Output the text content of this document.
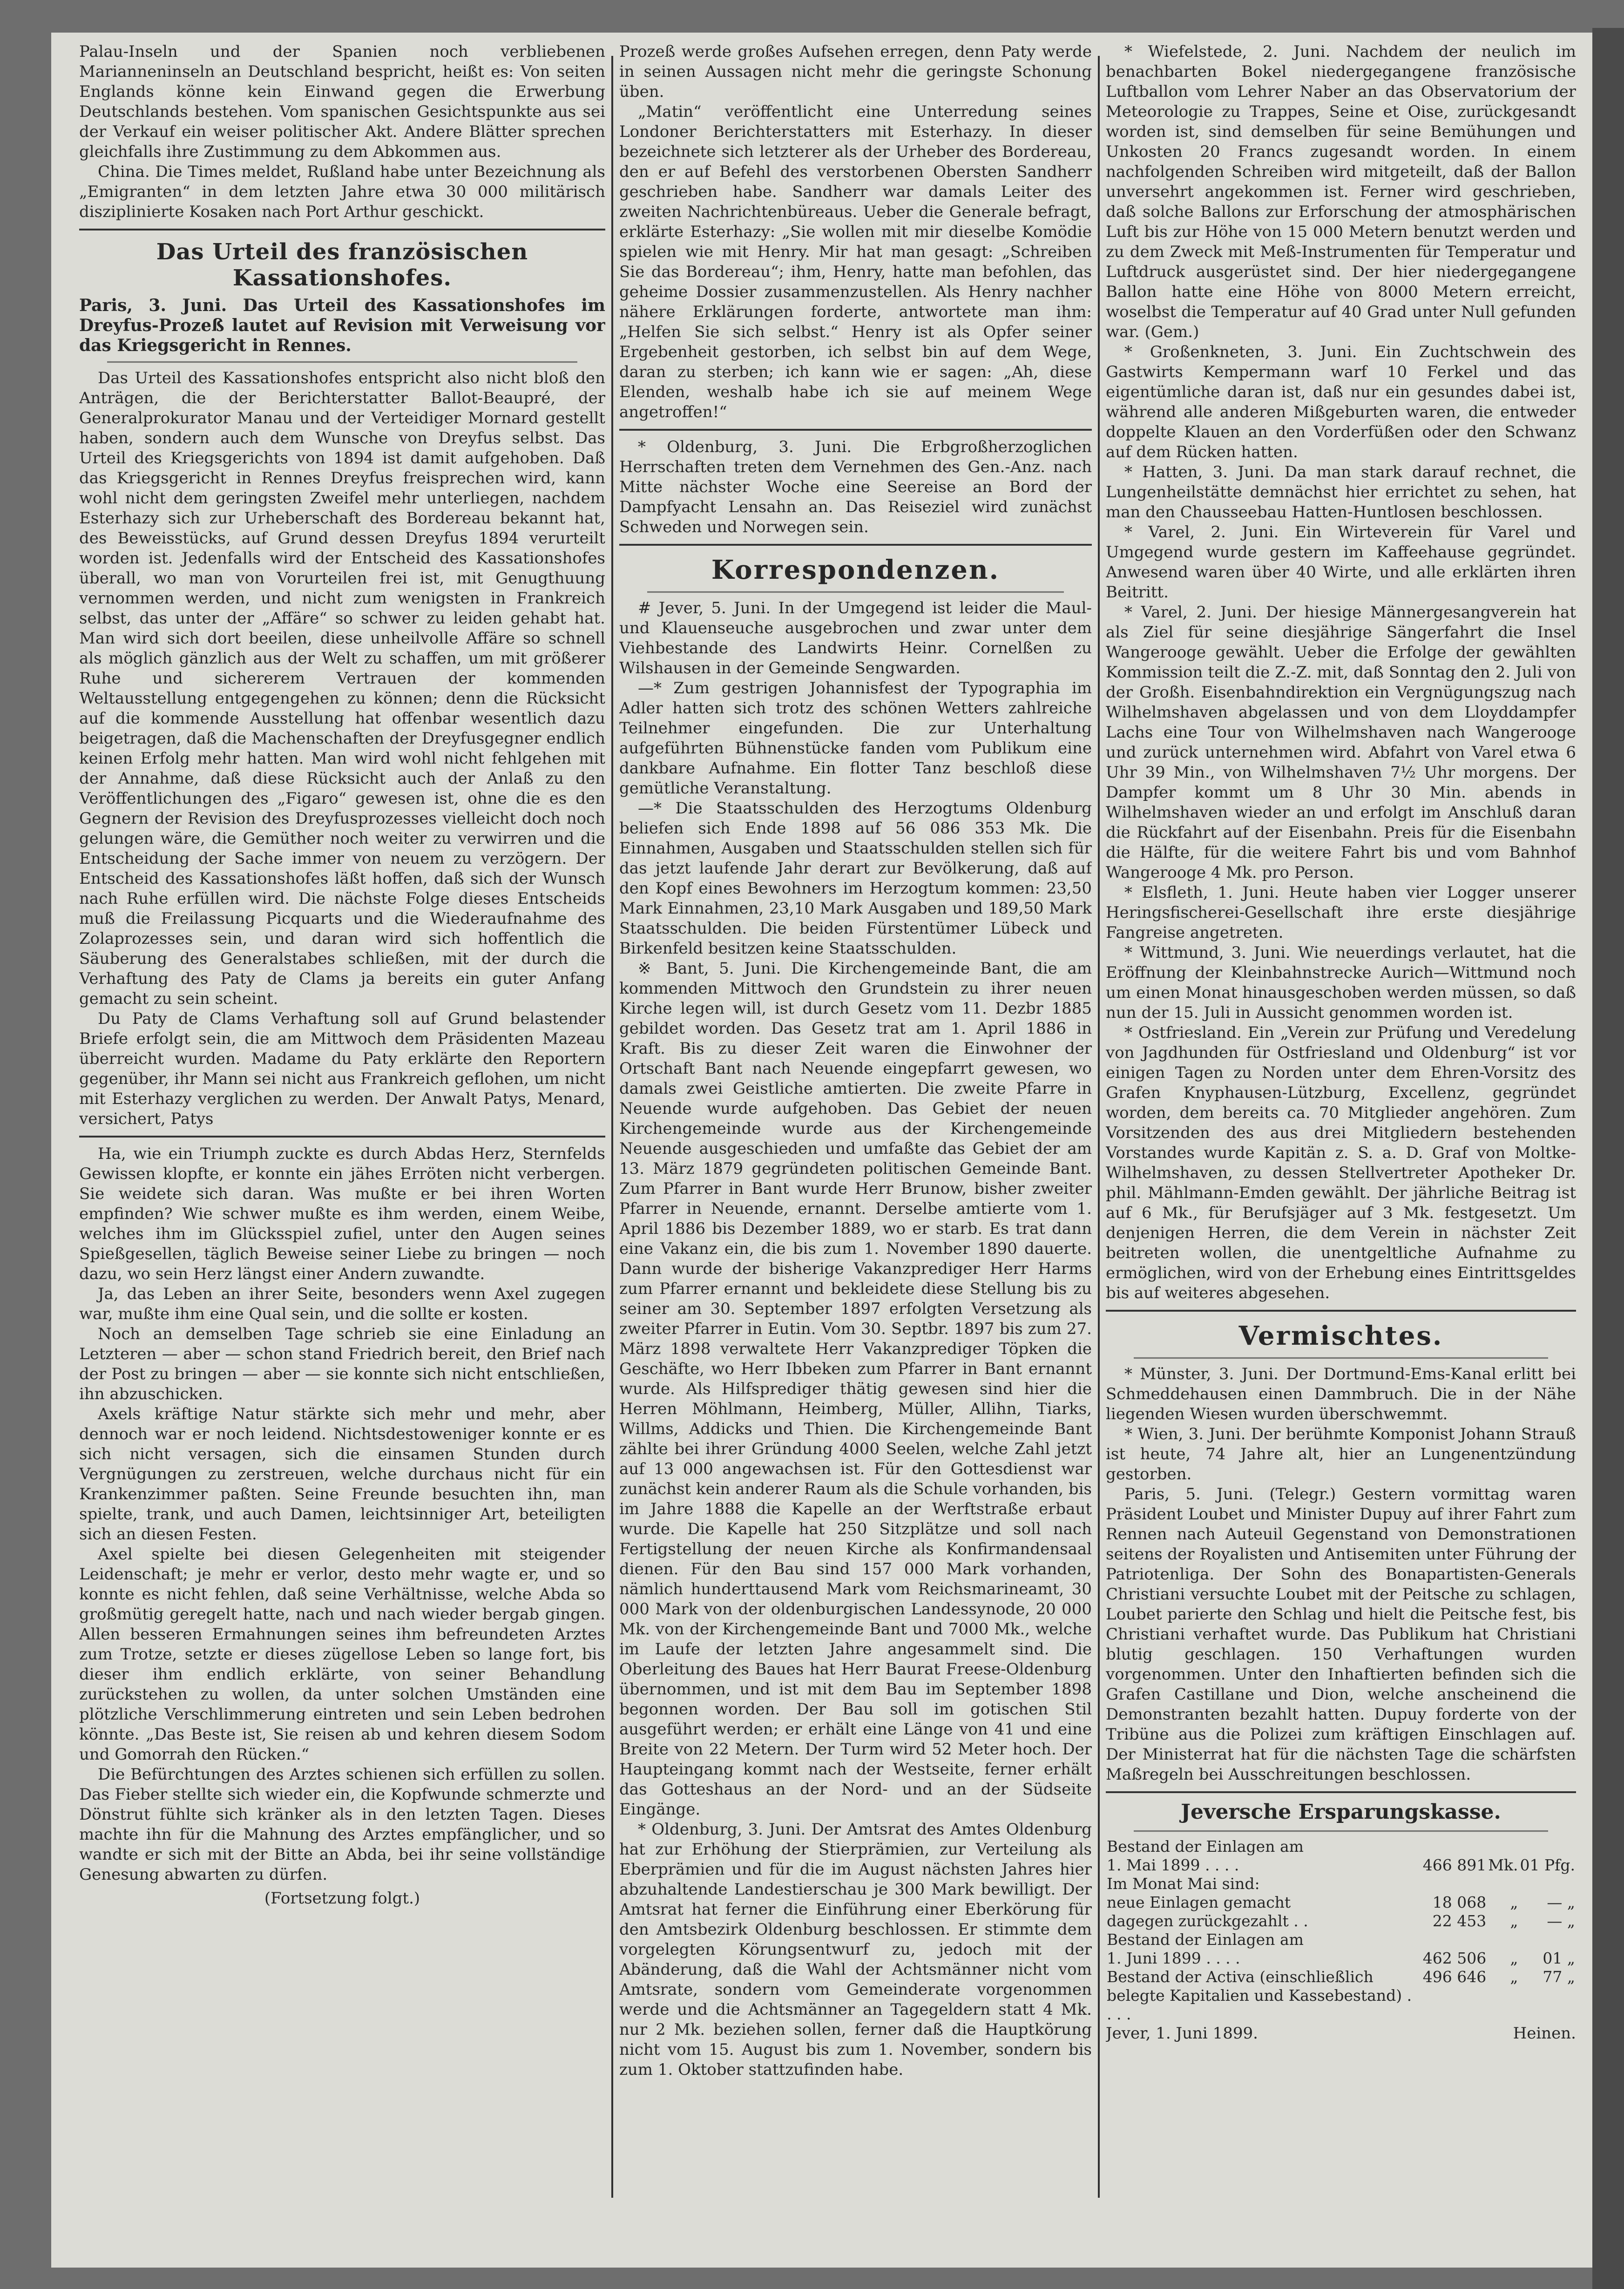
Palau-Inseln und der Spanien noch verbliebenen Marianneninseln an Deutschland bespricht, heißt es: Von seiten Englands könne kein Einwand gegen die Erwerbung Deutschlands bestehen. Vom spanischen Gesichtspunkte aus sei der Verkauf ein weiser politischer Akt. Andere Blätter sprechen gleichfalls ihre Zustimmung zu dem Abkommen aus.

China. Die Times meldet, Rußland habe unter Bezeichnung als „Emigranten“ in dem letzten Jahre etwa 30 000 militärisch disziplinierte Kosaken nach Port Arthur geschickt.

Das Urteil des französischen Kassationshofes.
Paris, 3. Juni. Das Urteil des Kassationshofes im Dreyfus-Prozeß lautet auf Revision mit Verweisung vor das Kriegsgericht in Rennes.

Das Urteil des Kassationshofes entspricht also nicht bloß den Anträgen, die der Berichterstatter Ballot-Beaupré, der Generalprokurator Manau und der Verteidiger Mornard gestellt haben, sondern auch dem Wunsche von Dreyfus selbst. Das Urteil des Kriegsgerichts von 1894 ist damit aufgehoben. Daß das Kriegsgericht in Rennes Dreyfus freisprechen wird, kann wohl nicht dem geringsten Zweifel mehr unterliegen, nachdem Esterhazy sich zur Urheberschaft des Bordereau bekannt hat, des Beweisstücks, auf Grund dessen Dreyfus 1894 verurteilt worden ist. Jedenfalls wird der Entscheid des Kassationshofes überall, wo man von Vorurteilen frei ist, mit Genugthuung vernommen werden, und nicht zum wenigsten in Frankreich selbst, das unter der „Affäre“ so schwer zu leiden gehabt hat. Man wird sich dort beeilen, diese unheilvolle Affäre so schnell als möglich gänzlich aus der Welt zu schaffen, um mit größerer Ruhe und sichererem Vertrauen der kommenden Weltausstellung entgegengehen zu können; denn die Rücksicht auf die kommende Ausstellung hat offenbar wesentlich dazu beigetragen, daß die Machenschaften der Dreyfusgegner endlich keinen Erfolg mehr hatten. Man wird wohl nicht fehlgehen mit der Annahme, daß diese Rücksicht auch der Anlaß zu den Veröffentlichungen des „Figaro“ gewesen ist, ohne die es den Gegnern der Revision des Dreyfusprozesses vielleicht doch noch gelungen wäre, die Gemüther noch weiter zu verwirren und die Entscheidung der Sache immer von neuem zu verzögern. Der Entscheid des Kassationshofes läßt hoffen, daß sich der Wunsch nach Ruhe erfüllen wird. Die nächste Folge dieses Entscheids muß die Freilassung Picquarts und die Wiederaufnahme des Zolaprozesses sein, und daran wird sich hoffentlich die Säuberung des Generalstabes schließen, mit der durch die Verhaftung des Paty de Clams ja bereits ein guter Anfang gemacht zu sein scheint.

Du Paty de Clams Verhaftung soll auf Grund belastender Briefe erfolgt sein, die am Mittwoch dem Präsidenten Mazeau überreicht wurden. Madame du Paty erklärte den Reportern gegenüber, ihr Mann sei nicht aus Frankreich geflohen, um nicht mit Esterhazy verglichen zu werden. Der Anwalt Patys, Menard, versichert, Patys

Ha, wie ein Triumph zuckte es durch Abdas Herz, Sternfelds Gewissen klopfte, er konnte ein jähes Erröten nicht verbergen. Sie weidete sich daran. Was mußte er bei ihren Worten empfinden? Wie schwer mußte es ihm werden, einem Weibe, welches ihm im Glücksspiel zufiel, unter den Augen seines Spießgesellen, täglich Beweise seiner Liebe zu bringen — noch dazu, wo sein Herz längst einer Andern zuwandte.

Ja, das Leben an ihrer Seite, besonders wenn Axel zugegen war, mußte ihm eine Qual sein, und die sollte er kosten.

Noch an demselben Tage schrieb sie eine Einladung an Letzteren — aber — schon stand Friedrich bereit, den Brief nach der Post zu bringen — aber — sie konnte sich nicht entschließen, ihn abzuschicken.

Axels kräftige Natur stärkte sich mehr und mehr, aber dennoch war er noch leidend. Nichtsdestoweniger konnte er es sich nicht versagen, sich die einsamen Stunden durch Vergnügungen zu zerstreuen, welche durchaus nicht für ein Krankenzimmer paßten. Seine Freunde besuchten ihn, man spielte, trank, und auch Damen, leichtsinniger Art, beteiligten sich an diesen Festen.

Axel spielte bei diesen Gelegenheiten mit steigender Leidenschaft; je mehr er verlor, desto mehr wagte er, und so konnte es nicht fehlen, daß seine Verhältnisse, welche Abda so großmütig geregelt hatte, nach und nach wieder bergab gingen. Allen besseren Ermahnungen seines ihm befreundeten Arztes zum Trotze, setzte er dieses zügellose Leben so lange fort, bis dieser ihm endlich erklärte, von seiner Behandlung zurückstehen zu wollen, da unter solchen Umständen eine plötzliche Verschlimmerung eintreten und sein Leben bedrohen könnte. „Das Beste ist, Sie reisen ab und kehren diesem Sodom und Gomorrah den Rücken.“

Die Befürchtungen des Arztes schienen sich erfüllen zu sollen. Das Fieber stellte sich wieder ein, die Kopfwunde schmerzte und Dönstrut fühlte sich kränker als in den letzten Tagen. Dieses machte ihn für die Mahnung des Arztes empfänglicher, und so wandte er sich mit der Bitte an Abda, bei ihr seine vollständige Genesung abwarten zu dürfen.

(Fortsetzung folgt.)

Prozeß werde großes Aufsehen erregen, denn Paty werde in seinen Aussagen nicht mehr die geringste Schonung üben.

„Matin“ veröffentlicht eine Unterredung seines Londoner Berichterstatters mit Esterhazy. In dieser bezeichnete sich letzterer als der Urheber des Bordereau, den er auf Befehl des verstorbenen Obersten Sandherr geschrieben habe. Sandherr war damals Leiter des zweiten Nachrichtenbüreaus. Ueber die Generale befragt, erklärte Esterhazy: „Sie wollen mit mir dieselbe Komödie spielen wie mit Henry. Mir hat man gesagt: „Schreiben Sie das Bordereau“; ihm, Henry, hatte man befohlen, das geheime Dossier zusammenzustellen. Als Henry nachher nähere Erklärungen forderte, antwortete man ihm: „Helfen Sie sich selbst.“ Henry ist als Opfer seiner Ergebenheit gestorben, ich selbst bin auf dem Wege, daran zu sterben; ich kann wie er sagen: „Ah, diese Elenden, weshalb habe ich sie auf meinem Wege angetroffen!“

* Oldenburg, 3. Juni. Die Erbgroßherzoglichen Herrschaften treten dem Vernehmen des Gen.-Anz. nach Mitte nächster Woche eine Seereise an Bord der Dampfyacht Lensahn an. Das Reiseziel wird zunächst Schweden und Norwegen sein.

Korrespondenzen.

# Jever, 5. Juni. In der Umgegend ist leider die Maul- und Klauenseuche ausgebrochen und zwar unter dem Viehbestande des Landwirts Heinr. Cornelßen zu Wilshausen in der Gemeinde Sengwarden.

—* Zum gestrigen Johannisfest der Typographia im Adler hatten sich trotz des schönen Wetters zahlreiche Teilnehmer eingefunden. Die zur Unterhaltung aufgeführten Bühnenstücke fanden vom Publikum eine dankbare Aufnahme. Ein flotter Tanz beschloß diese gemütliche Veranstaltung.

—* Die Staatsschulden des Herzogtums Oldenburg beliefen sich Ende 1898 auf 56 086 353 Mk. Die Einnahmen, Ausgaben und Staatsschulden stellen sich für das jetzt laufende Jahr derart zur Bevölkerung, daß auf den Kopf eines Bewohners im Herzogtum kommen: 23,50 Mark Einnahmen, 23,10 Mark Ausgaben und 189,50 Mark Staatsschulden. Die beiden Fürstentümer Lübeck und Birkenfeld besitzen keine Staatsschulden.

※ Bant, 5. Juni. Die Kirchengemeinde Bant, die am kommenden Mittwoch den Grundstein zu ihrer neuen Kirche legen will, ist durch Gesetz vom 11. Dezbr 1885 gebildet worden. Das Gesetz trat am 1. April 1886 in Kraft. Bis zu dieser Zeit waren die Einwohner der Ortschaft Bant nach Neuende eingepfarrt gewesen, wo damals zwei Geistliche amtierten. Die zweite Pfarre in Neuende wurde aufgehoben. Das Gebiet der neuen Kirchengemeinde wurde aus der Kirchengemeinde Neuende ausgeschieden und umfaßte das Gebiet der am 13. März 1879 gegründeten politischen Gemeinde Bant. Zum Pfarrer in Bant wurde Herr Brunow, bisher zweiter Pfarrer in Neuende, ernannt. Derselbe amtierte vom 1. April 1886 bis Dezember 1889, wo er starb. Es trat dann eine Vakanz ein, die bis zum 1. November 1890 dauerte. Dann wurde der bisherige Vakanzprediger Herr Harms zum Pfarrer ernannt und bekleidete diese Stellung bis zu seiner am 30. September 1897 erfolgten Versetzung als zweiter Pfarrer in Eutin. Vom 30. Septbr. 1897 bis zum 27. März 1898 verwaltete Herr Vakanzprediger Töpken die Geschäfte, wo Herr Ibbeken zum Pfarrer in Bant ernannt wurde. Als Hilfsprediger thätig gewesen sind hier die Herren Möhlmann, Heimberg, Müller, Allihn, Tiarks, Willms, Addicks und Thien. Die Kirchengemeinde Bant zählte bei ihrer Gründung 4000 Seelen, welche Zahl jetzt auf 13 000 angewachsen ist. Für den Gottesdienst war zunächst kein anderer Raum als die Schule vorhanden, bis im Jahre 1888 die Kapelle an der Werftstraße erbaut wurde. Die Kapelle hat 250 Sitzplätze und soll nach Fertigstellung der neuen Kirche als Konfirmandensaal dienen. Für den Bau sind 157 000 Mark vorhanden, nämlich hunderttausend Mark vom Reichsmarineamt, 30 000 Mark von der oldenburgischen Landessynode, 20 000 Mk. von der Kirchengemeinde Bant und 7000 Mk., welche im Laufe der letzten Jahre angesammelt sind. Die Oberleitung des Baues hat Herr Baurat Freese-Oldenburg übernommen, und ist mit dem Bau im September 1898 begonnen worden. Der Bau soll im gotischen Stil ausgeführt werden; er erhält eine Länge von 41 und eine Breite von 22 Metern. Der Turm wird 52 Meter hoch. Der Haupteingang kommt nach der Westseite, ferner erhält das Gotteshaus an der Nord- und an der Südseite Eingänge.

* Oldenburg, 3. Juni. Der Amtsrat des Amtes Oldenburg hat zur Erhöhung der Stierprämien, zur Verteilung als Eberprämien und für die im August nächsten Jahres hier abzuhaltende Landestierschau je 300 Mark bewilligt. Der Amtsrat hat ferner die Einführung einer Eberkörung für den Amtsbezirk Oldenburg beschlossen. Er stimmte dem vorgelegten Körungsentwurf zu, jedoch mit der Abänderung, daß die Wahl der Achtsmänner nicht vom Amtsrate, sondern vom Gemeinderate vorgenommen werde und die Achtsmänner an Tagegeldern statt 4 Mk. nur 2 Mk. beziehen sollen, ferner daß die Hauptkörung nicht vom 15. August bis zum 1. November, sondern bis zum 1. Oktober stattzufinden habe.

* Wiefelstede, 2. Juni. Nachdem der neulich im benachbarten Bokel niedergegangene französische Luftballon vom Lehrer Naber an das Observatorium der Meteorologie zu Trappes, Seine et Oise, zurückgesandt worden ist, sind demselben für seine Bemühungen und Unkosten 20 Francs zugesandt worden. In einem nachfolgenden Schreiben wird mitgeteilt, daß der Ballon unversehrt angekommen ist. Ferner wird geschrieben, daß solche Ballons zur Erforschung der atmosphärischen Luft bis zur Höhe von 15 000 Metern benutzt werden und zu dem Zweck mit Meß-Instrumenten für Temperatur und Luftdruck ausgerüstet sind. Der hier niedergegangene Ballon hatte eine Höhe von 8000 Metern erreicht, woselbst die Temperatur auf 40 Grad unter Null gefunden war. (Gem.)

* Großenkneten, 3. Juni. Ein Zuchtschwein des Gastwirts Kempermann warf 10 Ferkel und das eigentümliche daran ist, daß nur ein gesundes dabei ist, während alle anderen Mißgeburten waren, die entweder doppelte Klauen an den Vorderfüßen oder den Schwanz auf dem Rücken hatten.

* Hatten, 3. Juni. Da man stark darauf rechnet, die Lungenheilstätte demnächst hier errichtet zu sehen, hat man den Chausseebau Hatten-Huntlosen beschlossen.

* Varel, 2. Juni. Ein Wirteverein für Varel und Umgegend wurde gestern im Kaffeehause gegründet. Anwesend waren über 40 Wirte, und alle erklärten ihren Beitritt.

* Varel, 2. Juni. Der hiesige Männergesangverein hat als Ziel für seine diesjährige Sängerfahrt die Insel Wangerooge gewählt. Ueber die Erfolge der gewählten Kommission teilt die Z.-Z. mit, daß Sonntag den 2. Juli von der Großh. Eisenbahndirektion ein Vergnügungszug nach Wilhelmshaven abgelassen und von dem Lloyddampfer Lachs eine Tour von Wilhelmshaven nach Wangerooge und zurück unternehmen wird. Abfahrt von Varel etwa 6 Uhr 39 Min., von Wilhelmshaven 7½ Uhr morgens. Der Dampfer kommt um 8 Uhr 30 Min. abends in Wilhelmshaven wieder an und erfolgt im Anschluß daran die Rückfahrt auf der Eisenbahn. Preis für die Eisenbahn die Hälfte, für die weitere Fahrt bis und vom Bahnhof Wangerooge 4 Mk. pro Person.

* Elsfleth, 1. Juni. Heute haben vier Logger unserer Heringsfischerei-Gesellschaft ihre erste diesjährige Fangreise angetreten.

* Wittmund, 3. Juni. Wie neuerdings verlautet, hat die Eröffnung der Kleinbahnstrecke Aurich—Wittmund noch um einen Monat hinausgeschoben werden müssen, so daß nun der 15. Juli in Aussicht genommen worden ist.

* Ostfriesland. Ein „Verein zur Prüfung und Veredelung von Jagdhunden für Ostfriesland und Oldenburg“ ist vor einigen Tagen zu Norden unter dem Ehren-Vorsitz des Grafen Knyphausen-Lützburg, Excellenz, gegründet worden, dem bereits ca. 70 Mitglieder angehören. Zum Vorsitzenden des aus drei Mitgliedern bestehenden Vorstandes wurde Kapitän z. S. a. D. Graf von Moltke-Wilhelmshaven, zu dessen Stellvertreter Apotheker Dr. phil. Mählmann-Emden gewählt. Der jährliche Beitrag ist auf 6 Mk., für Berufsjäger auf 3 Mk. festgesetzt. Um denjenigen Herren, die dem Verein in nächster Zeit beitreten wollen, die unentgeltliche Aufnahme zu ermöglichen, wird von der Erhebung eines Eintrittsgeldes bis auf weiteres abgesehen.

Vermischtes.

* Münster, 3. Juni. Der Dortmund-Ems-Kanal erlitt bei Schmeddehausen einen Dammbruch. Die in der Nähe liegenden Wiesen wurden überschwemmt.

* Wien, 3. Juni. Der berühmte Komponist Johann Strauß ist heute, 74 Jahre alt, hier an Lungenentzündung gestorben.

Paris, 5. Juni. (Telegr.) Gestern vormittag waren Präsident Loubet und Minister Dupuy auf ihrer Fahrt zum Rennen nach Auteuil Gegenstand von Demonstrationen seitens der Royalisten und Antisemiten unter Führung der Patriotenliga. Der Sohn des Bonapartisten-Generals Christiani versuchte Loubet mit der Peitsche zu schlagen, Loubet parierte den Schlag und hielt die Peitsche fest, bis Christiani verhaftet wurde. Das Publikum hat Christiani blutig geschlagen. 150 Verhaftungen wurden vorgenommen. Unter den Inhaftierten befinden sich die Grafen Castillane und Dion, welche anscheinend die Demonstranten bezahlt hatten. Dupuy forderte von der Tribüne aus die Polizei zum kräftigen Einschlagen auf. Der Ministerrat hat für die nächsten Tage die schärfsten Maßregeln bei Ausschreitungen beschlossen.

Jeversche Ersparungskasse.
Bestand der Einlagen am			
1. Mai 1899 . . . .	466 891	Mk.	01 Pfg.
Im Monat Mai sind:			
neue Einlagen gemacht	18 068	„	— „
dagegen zurückgezahlt . .	22 453	„	— „
Bestand der Einlagen am			
1. Juni 1899 . . . .	462 506	„	01 „
Bestand der Activa (einschließlich belegte Kapitalien und Kassebestand) . . . .	496 646	„	77 „
Heinen.
Jever, 1. Juni 1899.
